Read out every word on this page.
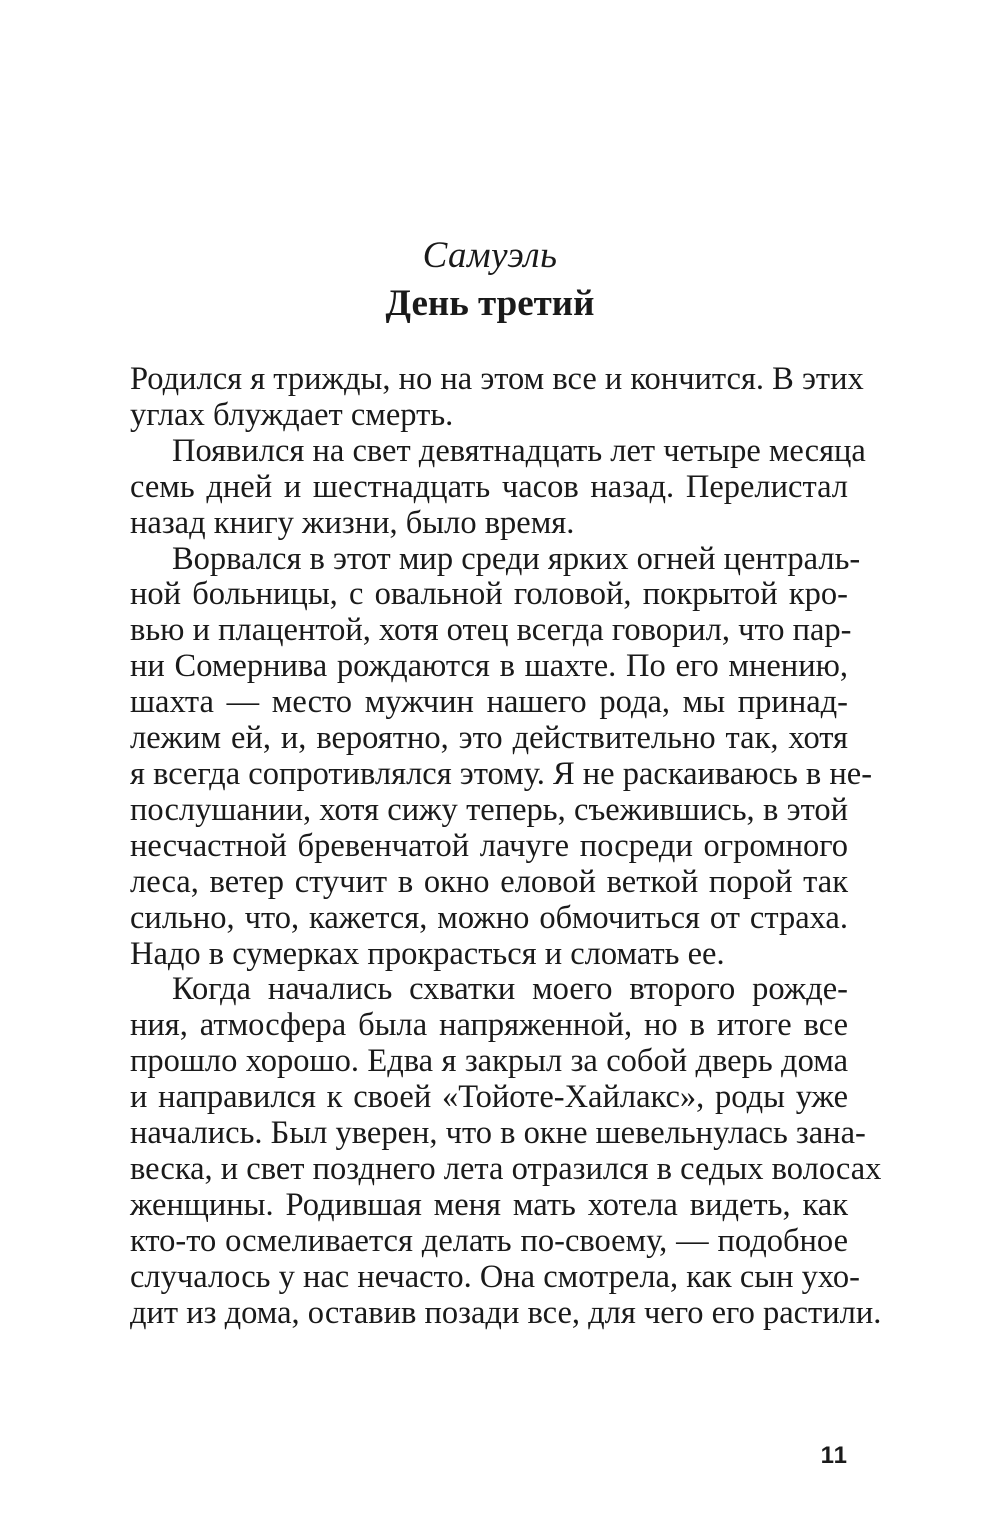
Самуэль
День третий
Родился я трижды, но на этом все и кончится. В этих
углах блуждает смерть.
Появился на свет девятнадцать лет четыре месяца
семь дней и шестнадцать часов назад. Перелистал
назад книгу жизни, было время.
Ворвался в этот мир среди ярких огней централь-
ной больницы, с овальной головой, покрытой кро-
вью и плацентой, хотя отец всегда говорил, что пар-
ни Сомернива рождаются в шахте. По его мнению,
шахта — место мужчин нашего рода, мы принад-
лежим ей, и, вероятно, это действительно так, хотя
я всегда сопротивлялся этому. Я не раскаиваюсь в не-
послушании, хотя сижу теперь, съежившись, в этой
несчастной бревенчатой лачуге посреди огромного
леса, ветер стучит в окно еловой веткой порой так
сильно, что, кажется, можно обмочиться от страха.
Надо в сумерках прокрасться и сломать ее.
Когда начались схватки моего второго рожде-
ния, атмосфера была напряженной, но в итоге все
прошло хорошо. Едва я закрыл за собой дверь дома
и направился к своей «Тойоте-Хайлакс», роды уже
начались. Был уверен, что в окне шевельнулась зана-
веска, и свет позднего лета отразился в седых волосах
женщины. Родившая меня мать хотела видеть, как
кто-то осмеливается делать по-своему, — подобное
случалось у нас нечасто. Она смотрела, как сын ухо-
дит из дома, оставив позади все, для чего его растили.
11
